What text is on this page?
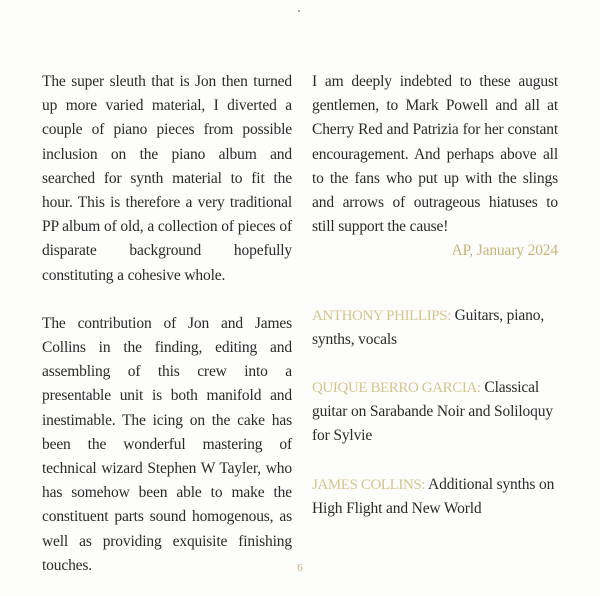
The super sleuth that is Jon then turned up more varied material, I diverted a couple of piano pieces from possible inclusion on the piano album and searched for synth material to fit the hour. This is therefore a very traditional PP album of old, a collection of pieces of disparate background hopefully constituting a cohesive whole.

The contribution of Jon and James Collins in the finding, editing and assembling of this crew into a presentable unit is both manifold and inestimable. The icing on the cake has been the wonderful mastering of technical wizard Stephen W Tayler, who has somehow been able to make the constituent parts sound homogenous, as well as providing exquisite finishing touches.

I am deeply indebted to these august gentlemen, to Mark Powell and all at Cherry Red and Patrizia for her constant encouragement. And perhaps above all to the fans who put up with the slings and arrows of outrageous hiatuses to still support the cause!

AP, January 2024

ANTHONY PHILLIPS: Guitars, piano, synths, vocals

QUIQUE BERRO GARCIA: Classical guitar on Sarabande Noir and Soliloquy for Sylvie

JAMES COLLINS: Additional synths on High Flight and New World

6
